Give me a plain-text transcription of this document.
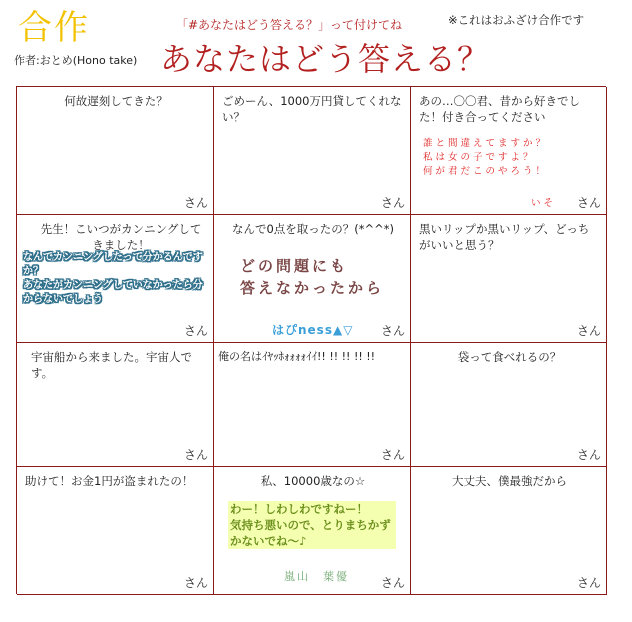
合作	「#あなたはどう答える？」って付けてね	※これはおふざけ合作です
作者:おとめ(Hono take) あなたはどう答える？
何故遅刻してきた？
さん
ごめーん、1000万円貸してくれない？
さん
あの…〇〇君、昔から好きでした！付き合ってください
誰と間違えてますか？
私は女の子ですよ？
何が君だこのやろう！
いそ さん
先生！こいつがカンニングしてきました！
なんでカンニングしたって分かるんですか？
あなたがカンニングしていなかったら分からないでしょう
さん
なんで0点を取ったの？(*^^*)
どの問題にも
答えなかったから
はぴness▲▽ さん
黒いリップか黒いリップ、どっちがいいと思う？
さん
宇宙船から来ました。宇宙人です。
さん
俺の名はｲﾔｯﾎｫｫｫｫｲｲ!! !! !! !! !!
さん
袋って食べれるの？
さん
助けて！お金1円が盗まれたの！
さん
私、10000歳なの☆
わー！しわしわですねー！
気持ち悪いので、とりまちかずかないでね〜♪
嵐山　葉優	さん
大丈夫、僕最強だから
さん
